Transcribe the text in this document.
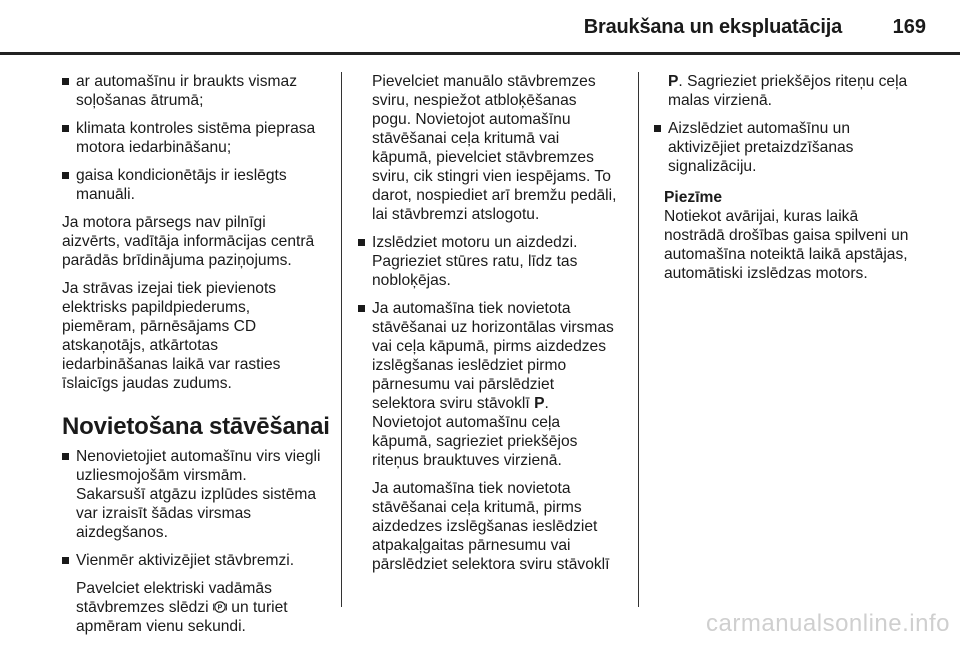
Braukšana un ekspluatācija	169
ar automašīnu ir braukts vismaz
soļošanas ātrumā;
klimata kontroles sistēma pieprasa
motora iedarbināšanu;
gaisa kondicionētājs ir ieslēgts
manuāli.

Ja motora pārsegs nav pilnīgi
aizvērts, vadītāja informācijas centrā
parādās brīdinājuma paziņojums.

Ja strāvas izejai tiek pievienots
elektrisks papildpiederums,
piemēram, pārnēsājams CD
atskaņotājs, atkārtotas
iedarbināšanas laikā var rasties
īslaicīgs jaudas zudums.

Novietošana stāvēšanai
Nenovietojiet automašīnu virs viegli
uzliesmojošām virsmām.
Sakarsušī atgāzu izplūdes sistēma
var izraisīt šādas virsmas
aizdegšanos.
Vienmēr aktivizējiet stāvbremzi.
Pavelciet elektriski vadāmās
stāvbremzes slēdzi P un turiet
apmēram vienu sekundi.
Pievelciet manuālo stāvbremzes
sviru, nespiežot atbloķēšanas
pogu. Novietojot automašīnu
stāvēšanai ceļa kritumā vai
kāpumā, pievelciet stāvbremzes
sviru, cik stingri vien iespējams. To
darot, nospiediet arī bremžu pedāli,
lai stāvbremzi atslogotu.
Izslēdziet motoru un aizdedzi.
Pagrieziet stūres ratu, līdz tas
nobloķējas.
Ja automašīna tiek novietota
stāvēšanai uz horizontālas virsmas
vai ceļa kāpumā, pirms aizdedzes
izslēgšanas ieslēdziet pirmo
pārnesumu vai pārslēdziet
selektora sviru stāvoklī P.
Novietojot automašīnu ceļa
kāpumā, sagrieziet priekšējos
riteņus brauktuves virzienā.
Ja automašīna tiek novietota
stāvēšanai ceļa kritumā, pirms
aizdedzes izslēgšanas ieslēdziet
atpakaļgaitas pārnesumu vai
pārslēdziet selektora sviru stāvoklī
P. Sagrieziet priekšējos riteņu ceļa
malas virzienā.
Aizslēdziet automašīnu un
aktivizējiet pretaizdzīšanas
signalizāciju.

Piezīme

Notiekot avārijai, kuras laikā
nostrādā drošības gaisa spilveni un
automašīna noteiktā laikā apstājas,
automātiski izslēdzas motors.

carmanualsonline.info
